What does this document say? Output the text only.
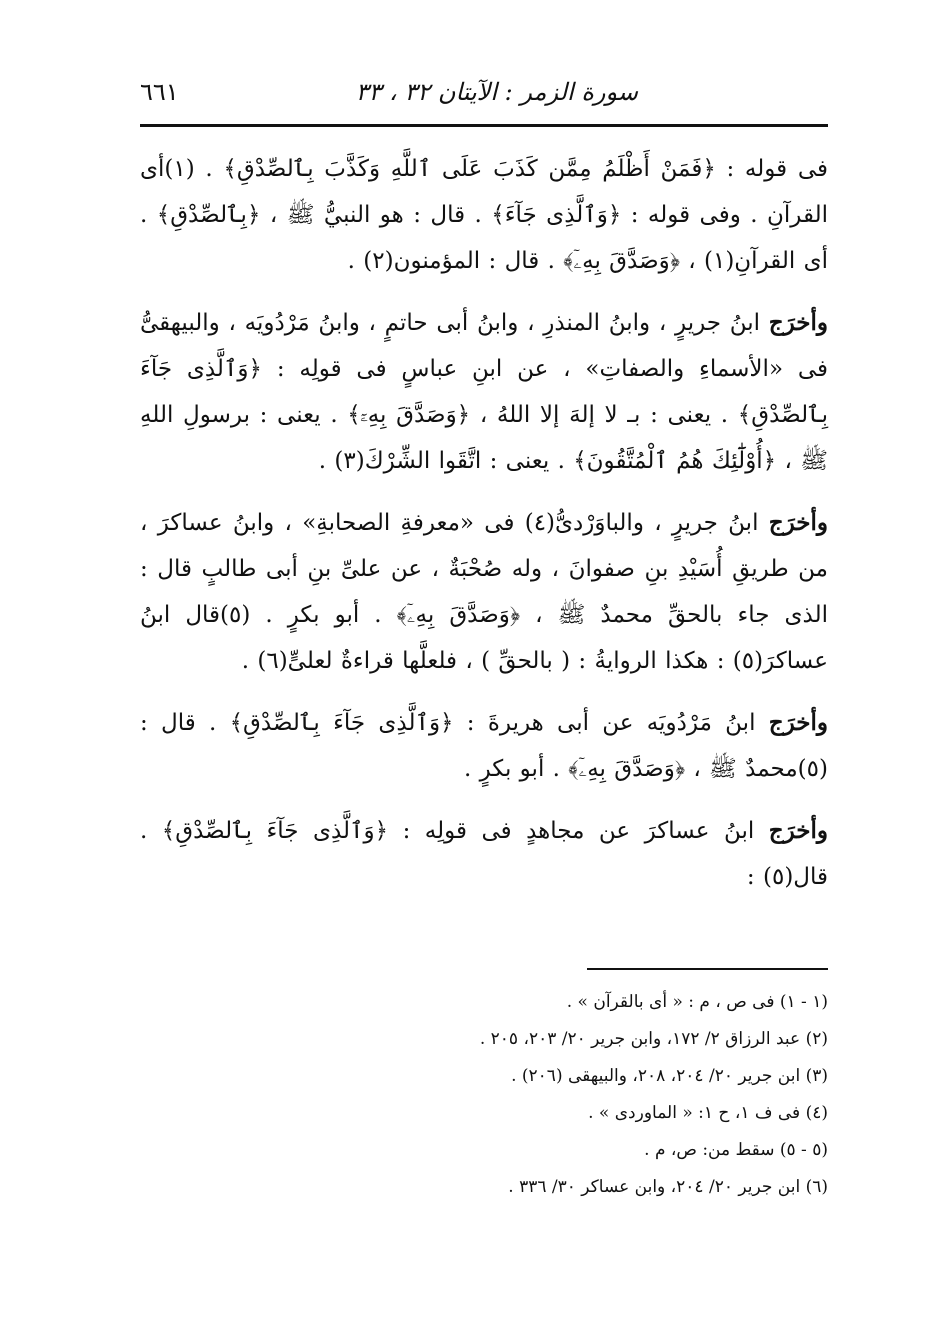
سورة الزمر : الآيتان ٣٢ ، ٣٣
٦٦١

فى قوله : ﴿فَمَنْ أَظْلَمُ مِمَّن كَذَبَ عَلَى ٱللَّهِ وَكَذَّبَ بِٱلصِّدْقِ﴾ . (١)أى القرآنِ . وفى قوله : ﴿وَٱلَّذِى جَآءَ﴾ . قال : هو النبيُّ ﷺ ، ﴿بِٱلصِّدْقِ﴾ . أى القرآنِ(١) ، ﴿وَصَدَّقَ بِهِۦٓ﴾ . قال : المؤمنون(٢) .

وأخرَج ابنُ جريرٍ ، وابنُ المنذرِ ، وابنُ أبى حاتمٍ ، وابنُ مَرْدُويَه ، والبيهقىُّ فى «الأسماءِ والصفاتِ» ، عن ابنِ عباسٍ فى قولِه : ﴿وَٱلَّذِى جَآءَ بِٱلصِّدْقِ﴾ . يعنى : بـ لا إلهَ إلا اللهُ ، ﴿وَصَدَّقَ بِهِۦٓ﴾ . يعنى : برسولِ اللهِ ﷺ ، ﴿أُوْلَٰٓئِكَ هُمُ ٱلْمُتَّقُونَ﴾ . يعنى : اتَّقَوا الشِّرْكَ(٣) .

وأخرَج ابنُ جريرٍ ، والباوَرْدىُّ(٤) فى «معرفةِ الصحابةِ» ، وابنُ عساكرَ ، من طريقِ أُسَيْدِ بنِ صفوانَ ، وله صُحْبَةٌ ، عن علىِّ بنِ أبى طالبٍ قال : الذى جاء بالحقِّ محمدٌ ﷺ ، ﴿وَصَدَّقَ بِهِۦٓ﴾ . أبو بكرٍ . (٥)قال ابنُ عساكرَ(٥) : هكذا الروايةُ : ( بالحقِّ ) ، فلعلَّها قراءةٌ لعلىٍّ(٦) .

وأخرَج ابنُ مَرْدُويَه عن أبى هريرةَ : ﴿وَٱلَّذِى جَآءَ بِٱلصِّدْقِ﴾ . قال : (٥)محمدٌ ﷺ ، ﴿وَصَدَّقَ بِهِۦٓ﴾ . أبو بكرٍ .

وأخرَج ابنُ عساكرَ عن مجاهدٍ فى قولِه : ﴿وَٱلَّذِى جَآءَ بِٱلصِّدْقِ﴾ . قال(٥) :

(١ - ١) فى ص ، م : « أى بالقرآن » .
(٢) عبد الرزاق ٢/ ١٧٢، وابن جرير ٢٠/ ٢٠٣، ٢٠٥ .
(٣) ابن جرير ٢٠/ ٢٠٤، ٢٠٨، والبيهقى (٢٠٦) .
(٤) فى ف ١، ح ١: « الماوردى » .
(٥ - ٥) سقط من: ص، م .
(٦) ابن جرير ٢٠/ ٢٠٤، وابن عساكر ٣٠/ ٣٣٦ .
